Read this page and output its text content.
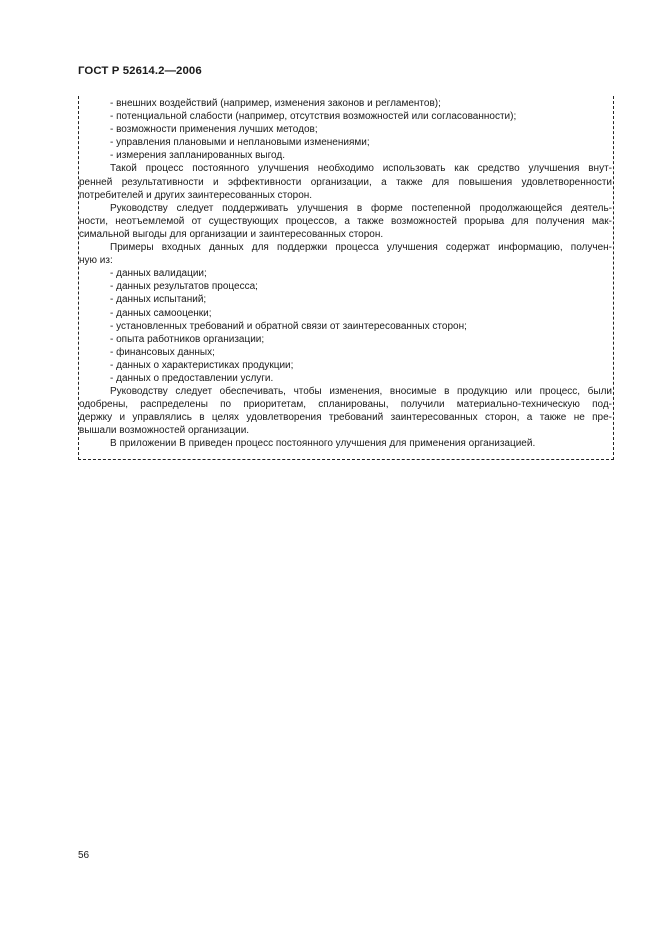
ГОСТ Р 52614.2—2006
- внешних воздействий (например, изменения законов и регламентов);
- потенциальной слабости (например, отсутствия возможностей или согласованности);
- возможности применения лучших методов;
- управления плановыми и неплановыми изменениями;
- измерения запланированных выгод.
Такой процесс постоянного улучшения необходимо использовать как средство улучшения внут-
ренней результативности и эффективности организации, а также для повышения удовлетворенности
потребителей и других заинтересованных сторон.
Руководству следует поддерживать улучшения в форме постепенной продолжающейся деятель-
ности, неотъемлемой от существующих процессов, а также возможностей прорыва для получения мак-
симальной выгоды для организации и заинтересованных сторон.
Примеры входных данных для поддержки процесса улучшения содержат информацию, получен-
ную из:
- данных валидации;
- данных результатов процесса;
- данных испытаний;
- данных самооценки;
- установленных требований и обратной связи от заинтересованных сторон;
- опыта работников организации;
- финансовых данных;
- данных о характеристиках продукции;
- данных о предоставлении услуги.
Руководству следует обеспечивать, чтобы изменения, вносимые в продукцию или процесс, были
одобрены, распределены по приоритетам, спланированы, получили материально-техническую под-
держку и управлялись в целях удовлетворения требований заинтересованных сторон, а также не пре-
вышали возможностей организации.
В приложении В приведен процесс постоянного улучшения для применения организацией.
56
